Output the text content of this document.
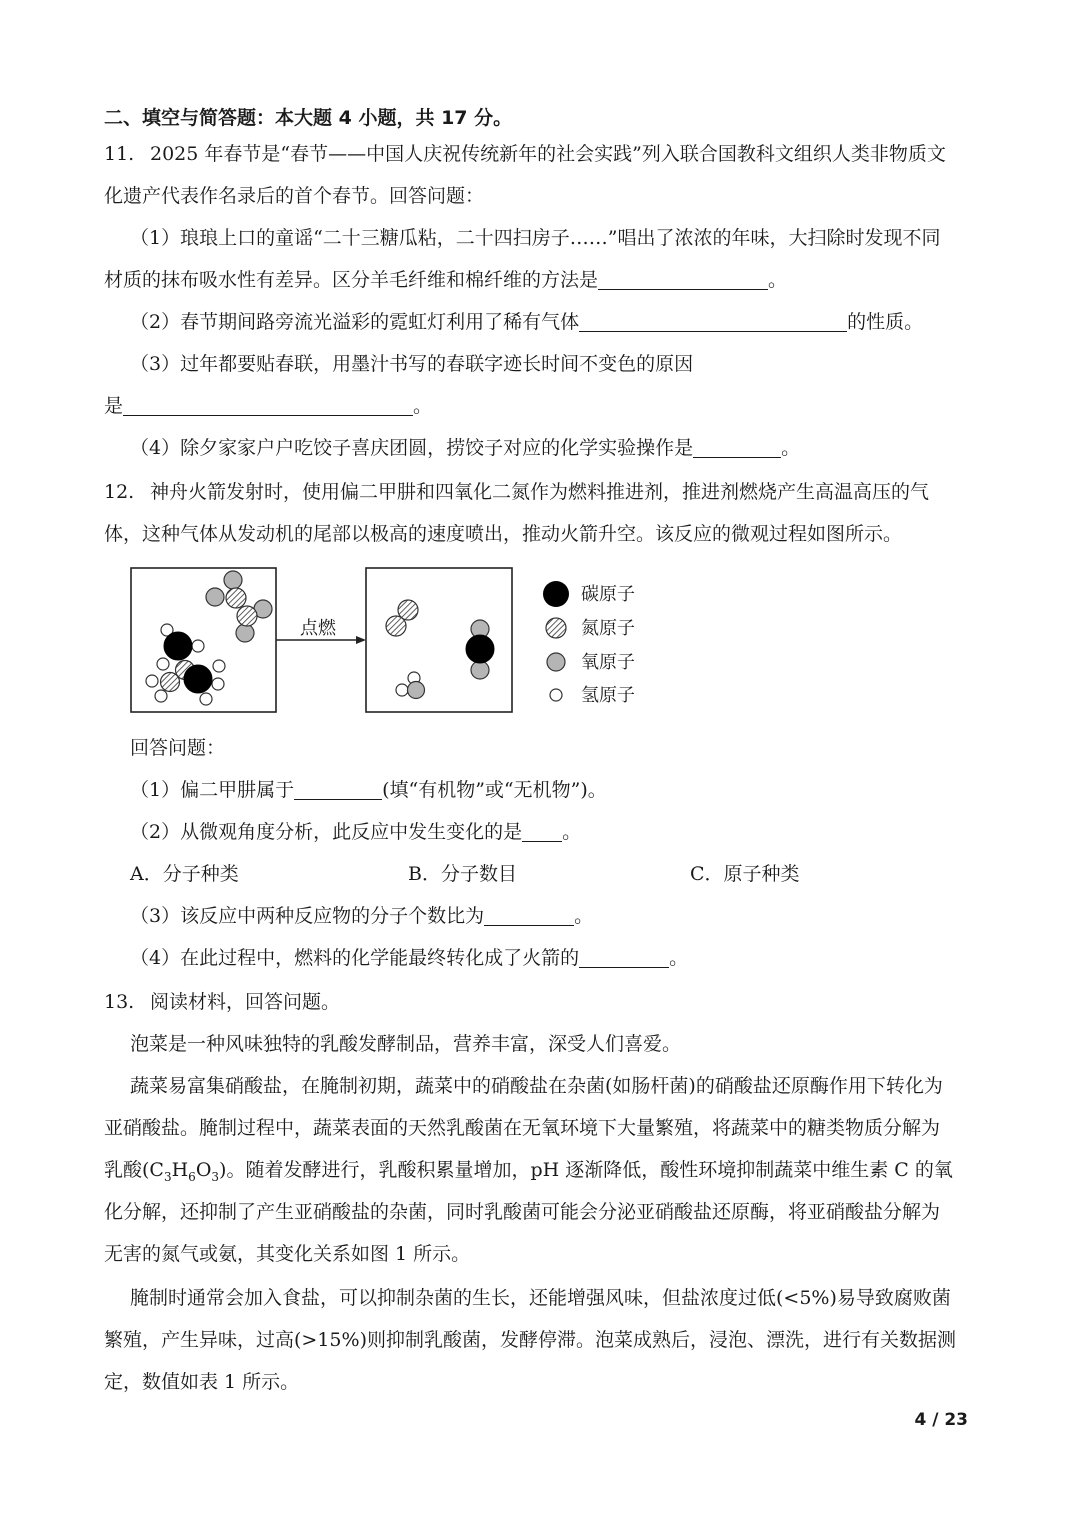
二、填空与简答题：本大题 4 小题，共 17 分。
11. 2025 年春节是“春节——中国人庆祝传统新年的社会实践”列入联合国教科文组织人类非物质文
化遗产代表作名录后的首个春节。回答问题：
（1）琅琅上口的童谣“二十三糖瓜粘，二十四扫房子……”唱出了浓浓的年味，大扫除时发现不同
材质的抹布吸水性有差异。区分羊毛纤维和棉纤维的方法是	。
（2）春节期间路旁流光溢彩的霓虹灯利用了稀有气体	的性质。
（3）过年都要贴春联，用墨汁书写的春联字迹长时间不变色的原因
是	。
（4）除夕家家户户吃饺子喜庆团圆，捞饺子对应的化学实验操作是	。
12. 神舟火箭发射时，使用偏二甲肼和四氧化二氮作为燃料推进剂，推进剂燃烧产生高温高压的气
体，这种气体从发动机的尾部以极高的速度喷出，推动火箭升空。该反应的微观过程如图所示。
点燃
碳原子
氮原子
氧原子
氢原子
回答问题：
（1）偏二甲肼属于	(填“有机物”或“无机物”)。
（2）从微观角度分析，此反应中发生变化的是 。
A．分子种类	B．分子数目	C．原子种类
（3）该反应中两种反应物的分子个数比为	。
（4）在此过程中，燃料的化学能最终转化成了火箭的	。
13. 阅读材料，回答问题。
泡菜是一种风味独特的乳酸发酵制品，营养丰富，深受人们喜爱。
蔬菜易富集硝酸盐，在腌制初期，蔬菜中的硝酸盐在杂菌(如肠杆菌)的硝酸盐还原酶作用下转化为
亚硝酸盐。腌制过程中，蔬菜表面的天然乳酸菌在无氧环境下大量繁殖，将蔬菜中的糖类物质分解为
乳酸$(C_3H_6O_3)$。随着发酵进行，乳酸积累量增加，pH 逐渐降低，酸性环境抑制蔬菜中维生素 C 的氧
化分解，还抑制了产生亚硝酸盐的杂菌，同时乳酸菌可能会分泌亚硝酸盐还原酶，将亚硝酸盐分解为
无害的氮气或氨，其变化关系如图 1 所示。
腌制时通常会加入食盐，可以抑制杂菌的生长，还能增强风味，但盐浓度过低(<5%)易导致腐败菌
繁殖，产生异味，过高(>15%)则抑制乳酸菌，发酵停滞。泡菜成熟后，浸泡、漂洗，进行有关数据测
定，数值如表 1 所示。
4 / 23
